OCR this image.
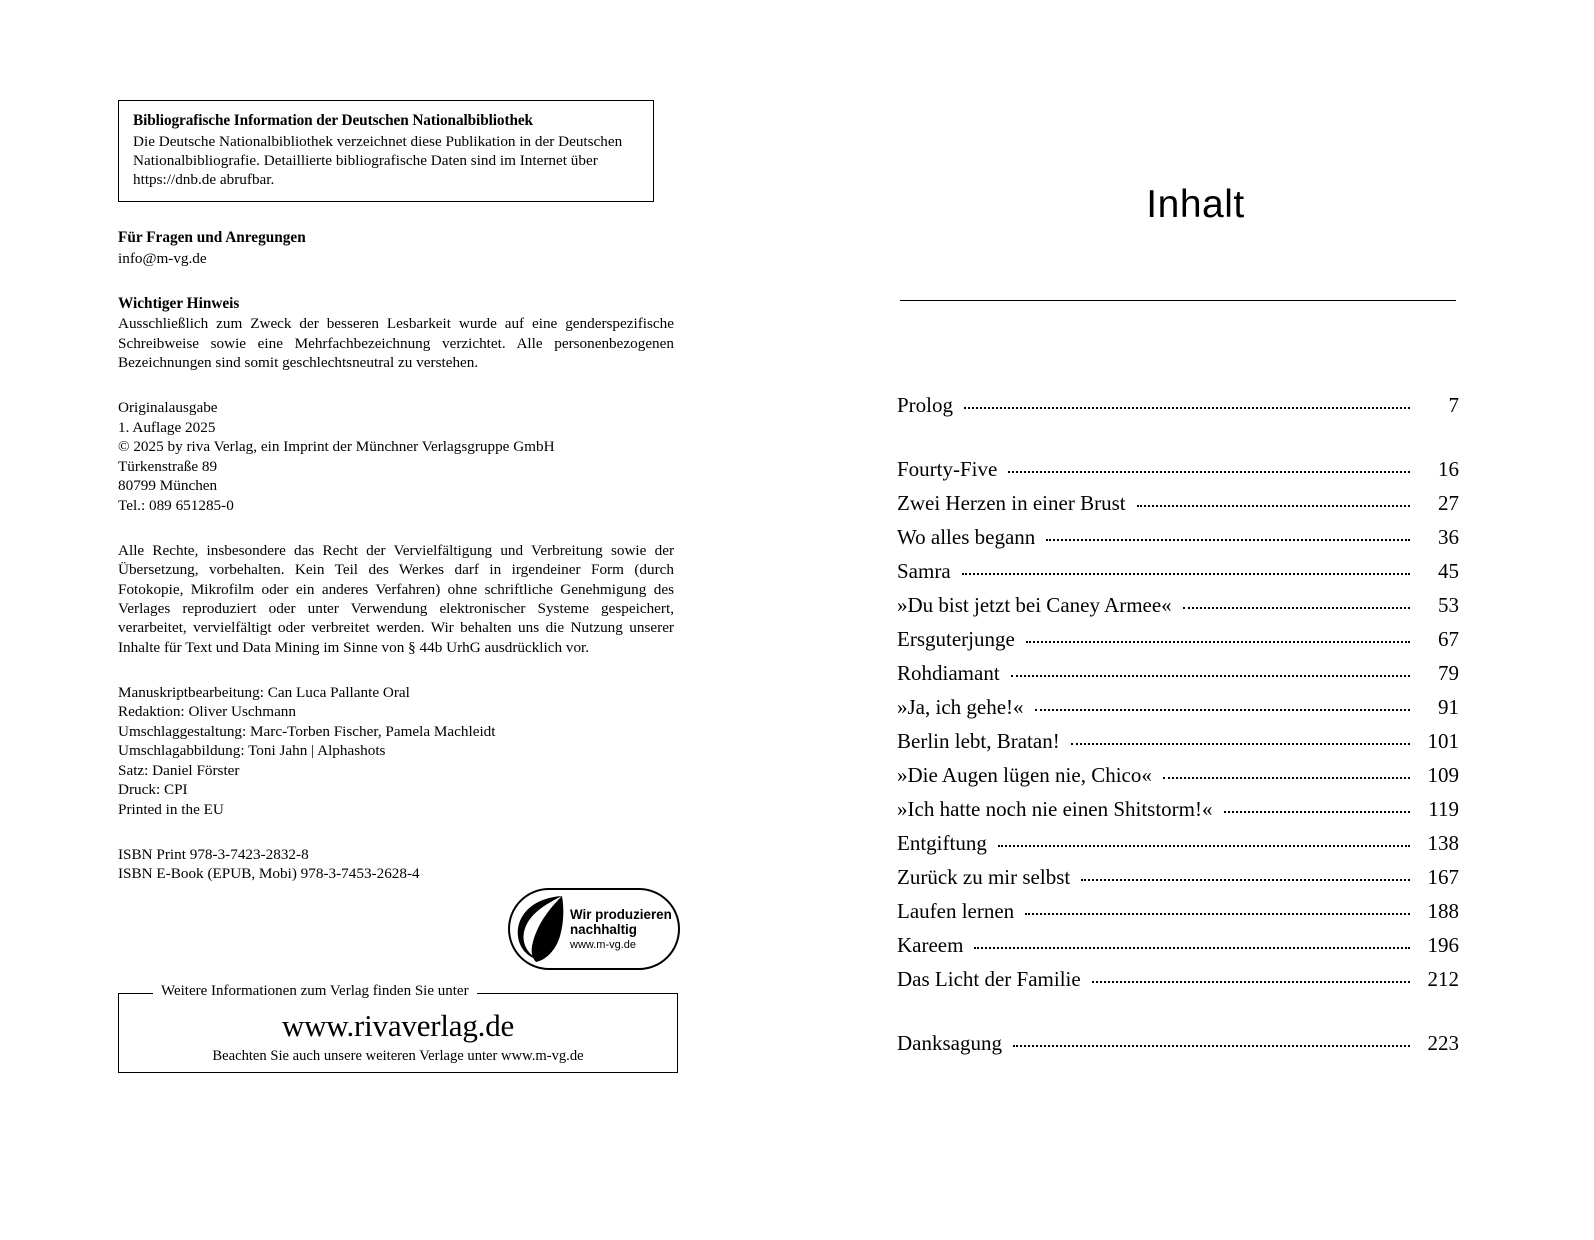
Bibliografische Information der Deutschen Nationalbibliothek
Die Deutsche Nationalbibliothek verzeichnet diese Publikation in der Deutschen Nationalbibliografie. Detaillierte bibliografische Daten sind im Internet über https://dnb.de abrufbar.
Für Fragen und Anregungen
info@m-vg.de
Wichtiger Hinweis
Ausschließlich zum Zweck der besseren Lesbarkeit wurde auf eine genderspezifische Schreibweise sowie eine Mehrfachbezeichnung verzichtet. Alle personenbezogenen Bezeichnungen sind somit geschlechtsneutral zu verstehen.
Originalausgabe
1. Auflage 2025
© 2025 by riva Verlag, ein Imprint der Münchner Verlagsgruppe GmbH
Türkenstraße 89
80799 München
Tel.: 089 651285-0
Alle Rechte, insbesondere das Recht der Vervielfältigung und Verbreitung sowie der Übersetzung, vorbehalten. Kein Teil des Werkes darf in irgendeiner Form (durch Fotokopie, Mikrofilm oder ein anderes Verfahren) ohne schriftliche Genehmigung des Verlages reproduziert oder unter Verwendung elektronischer Systeme gespeichert, verarbeitet, vervielfältigt oder verbreitet werden. Wir behalten uns die Nutzung unserer Inhalte für Text und Data Mining im Sinne von § 44b UrhG ausdrücklich vor.
Manuskriptbearbeitung: Can Luca Pallante Oral
Redaktion: Oliver Uschmann
Umschlaggestaltung: Marc-Torben Fischer, Pamela Machleidt
Umschlagabbildung: Toni Jahn | Alphashots
Satz: Daniel Förster
Druck: CPI
Printed in the EU
ISBN Print 978-3-7423-2832-8
ISBN E-Book (EPUB, Mobi) 978-3-7453-2628-4
Wir produzieren
nachhaltig
www.m-vg.de
Weitere Informationen zum Verlag finden Sie unter
www.rivaverlag.de
Beachten Sie auch unsere weiteren Verlage unter www.m-vg.de
Inhalt
Prolog	7
Fourty-Five	16
Zwei Herzen in einer Brust	27
Wo alles begann	36
Samra	45
»Du bist jetzt bei Caney Armee«	53
Ersguterjunge	67
Rohdiamant	79
»Ja, ich gehe!«	91
Berlin lebt, Bratan!	101
»Die Augen lügen nie, Chico«	109
»Ich hatte noch nie einen Shitstorm!«	119
Entgiftung	138
Zurück zu mir selbst	167
Laufen lernen	188
Kareem	196
Das Licht der Familie	212
Danksagung	223
